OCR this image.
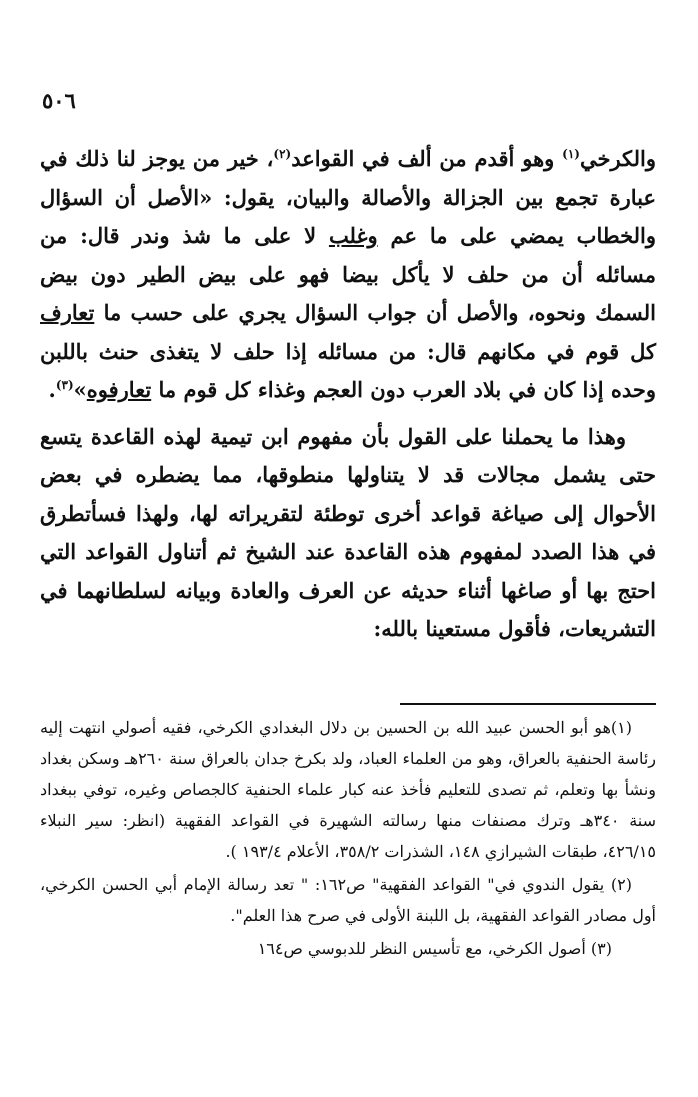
٥٠٦

والكرخي$^{(١)}$ وهو أقدم من ألف في القواعد$^{(٢)}$، خير من يوجز لنا ذلك في عبارة تجمع بين الجزالة والأصالة والبيان، يقول: «الأصل أن السؤال والخطاب يمضي على ما عم وغلب لا على ما شذ وندر قال: من مسائله أن من حلف لا يأكل بيضا فهو على بيض الطير دون بيض السمك ونحوه، والأصل أن جواب السؤال يجري على حسب ما تعارف كل قوم في مكانهم قال: من مسائله إذا حلف لا يتغذى حنث باللبن وحده إذا كان في بلاد العرب دون العجم وغذاء كل قوم ما تعارفوه»$^{(٣)}$.

وهذا ما يحملنا على القول بأن مفهوم ابن تيمية لهذه القاعدة يتسع حتى يشمل مجالات قد لا يتناولها منطوقها، مما يضطره في بعض الأحوال إلى صياغة قواعد أخرى توطئة لتقريراته لها، ولهذا فسأتطرق في هذا الصدد لمفهوم هذه القاعدة عند الشيخ ثم أتناول القواعد التي احتج بها أو صاغها أثناء حديثه عن العرف والعادة وبيانه لسلطانهما في التشريعات، فأقول مستعينا بالله:

(١)هو أبو الحسن عبيد الله بن الحسين بن دلال البغدادي الكرخي، فقيه أصولي انتهت إليه رئاسة الحنفية بالعراق، وهو من العلماء العباد، ولد بكرخ جدان بالعراق سنة ٢٦٠هـ وسكن بغداد ونشأ بها وتعلم، ثم تصدى للتعليم فأخذ عنه كبار علماء الحنفية كالجصاص وغيره، توفي ببغداد سنة ٣٤٠هـ وترك مصنفات منها رسالته الشهيرة في القواعد الفقهية (انظر: سير النبلاء ٤٢٦/١٥، طبقات الشيرازي ١٤٨، الشذرات ٣٥٨/٢، الأعلام ١٩٣/٤ ).

(٢) يقول الندوي في" القواعد الفقهية" ص١٦٢: " تعد رسالة الإمام أبي الحسن الكرخي، أول مصادر القواعد الفقهية، بل اللبنة الأولى في صرح هذا العلم".

(٣) أصول الكرخي، مع تأسيس النظر للدبوسي ص١٦٤
